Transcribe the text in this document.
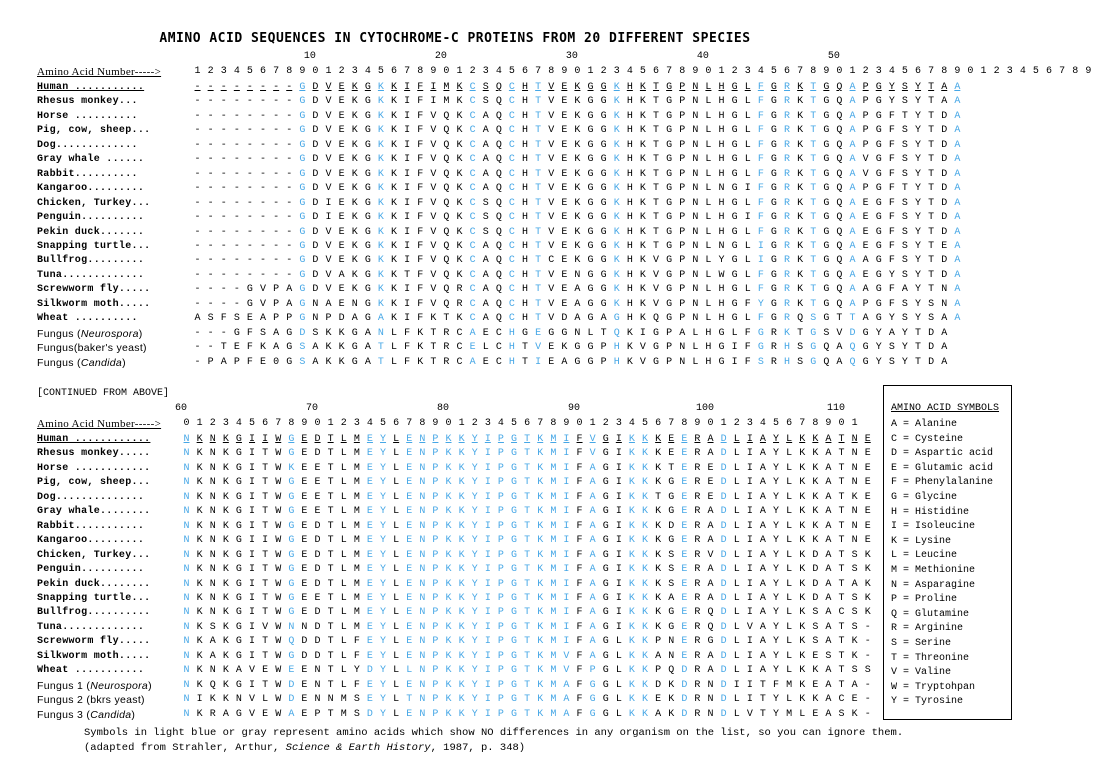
AMINO ACID SEQUENCES IN CYTOCHROME-C PROTEINS FROM 20 DIFFERENT SPECIES
10	20	30	40	50
Amino Acid Number----->	1 2 3 4 5 6 7 8 9 0 1 2 3 4 5 6 7 8 9 0 1 2 3 4 5 6 7 8 9 0 1 2 3 4 5 6 7 8 9 0 1 2 3 4 5 6 7 8 9 0 1 2 3 4 5 6 7 8 9 0 1 2 3 4 5 6 7 8 9
Human ...........	- - - - - - - - G D V E K G K K I F I M K C S Q C H T V E K G G K H K T G P N L H G L F G R K T G Q A P G Y S Y T A A
Rhesus monkey...	- - - - - - - - G D V E K G K K I F I M K C S Q C H T V E K G G K H K T G P N L H G L F G R K T G Q A P G Y S Y T A A
Horse ..........	- - - - - - - - G D V E K G K K I F V Q K C A Q C H T V E K G G K H K T G P N L H G L F G R K T G Q A P G F T Y T D A
Pig, cow, sheep...	- - - - - - - - G D V E K G K K I F V Q K C A Q C H T V E K G G K H K T G P N L H G L F G R K T G Q A P G F S Y T D A
Dog.............	- - - - - - - - G D V E K G K K I F V Q K C A Q C H T V E K G G K H K T G P N L H G L F G R K T G Q A P G F S Y T D A
Gray whale ......	- - - - - - - - G D V E K G K K I F V Q K C A Q C H T V E K G G K H K T G P N L H G L F G R K T G Q A V G F S Y T D A
Rabbit..........	- - - - - - - - G D V E K G K K I F V Q K C A Q C H T V E K G G K H K T G P N L H G L F G R K T G Q A V G F S Y T D A
Kangaroo.........	- - - - - - - - G D V E K G K K I F V Q K C A Q C H T V E K G G K H K T G P N L N G I F G R K T G Q A P G F T Y T D A
Chicken, Turkey...	- - - - - - - - G D I E K G K K I F V Q K C S Q C H T V E K G G K H K T G P N L H G L F G R K T G Q A E G F S Y T D A
Penguin..........	- - - - - - - - G D I E K G K K I F V Q K C S Q C H T V E K G G K H K T G P N L H G I F G R K T G Q A E G F S Y T D A
Pekin duck.......	- - - - - - - - G D V E K G K K I F V Q K C S Q C H T V E K G G K H K T G P N L H G L F G R K T G Q A E G F S Y T D A
Snapping turtle...	- - - - - - - - G D V E K G K K I F V Q K C A Q C H T V E K G G K H K T G P N L N G L I G R K T G Q A E G F S Y T E A
Bullfrog.........	- - - - - - - - G D V E K G K K I F V Q K C A Q C H T C E K G G K H K V G P N L Y G L I G R K T G Q A A G F S Y T D A
Tuna.............	- - - - - - - - G D V A K G K K T F V Q K C A Q C H T V E N G G K H K V G P N L W G L F G R K T G Q A E G Y S Y T D A
Screwworm fly.....	- - - - G V P A G D V E K G K K I F V Q R C A Q C H T V E A G G K H K V G P N L H G L F G R K T G Q A A G F A Y T N A
Silkworm moth.....	- - - - G V P A G N A E N G K K I F V Q R C A Q C H T V E A G G K H K V G P N L H G F Y G R K T G Q A P G F S Y S N A
Wheat ..........	A S F S E A P P G N P D A G A K I F K T K C A Q C H T V D A G A G H K Q G P N L H G L F G R Q S G T T A G Y S Y S A A
Fungus (Neurospora)	- - - G F S A G D S K K G A N L F K T R C A E C H G E G G N L T Q K I G P A L H G L F G R K T G S V D G Y A Y T D A
Fungus(baker's yeast)	- - T E F K A G S A K K G A T L F K T R C E L C H T V E K G G P H K V G P N L H G I F G R H S G Q A Q G Y S Y T D A
Fungus (Candida)	- P A P F E 0 G S A K K G A T L F K T R C A E C H T I E A G G P H K V G P N L H G I F S R H S G Q A Q G Y S Y T D A
[CONTINUED FROM ABOVE]
60	70	80	90	100	110
Amino Acid Number----->	0 1 2 3 4 5 6 7 8 9 0 1 2 3 4 5 6 7 8 9 0 1 2 3 4 5 6 7 8 9 0 1 2 3 4 5 6 7 8 9 0 1 2 3 4 5 6 7 8 9 0 1
Human ............	N K N K G I I W G E D T L M E Y L E N P K K Y I P G T K M I F V G I K K K E E R A D L I A Y L K K A T N E
Rhesus monkey.....	N K N K G I T W G E D T L M E Y L E N P K K Y I P G T K M I F V G I K K K E E R A D L I A Y L K K A T N E
Horse ............	N K N K G I T W K E E T L M E Y L E N P K K Y I P G T K M I F A G I K K K T E R E D L I A Y L K K A T N E
Pig, cow, sheep...	N K N K G I T W G E E T L M E Y L E N P K K Y I P G T K M I F A G I K K K G E R E D L I A Y L K K A T N E
Dog..............	N K N K G I T W G E E T L M E Y L E N P K K Y I P G T K M I F A G I K K T G E R E D L I A Y L K K A T K E
Gray whale........	N K N K G I T W G E E T L M E Y L E N P K K Y I P G T K M I F A G I K K K G E R A D L I A Y L K K A T N E
Rabbit...........	N K N K G I T W G E D T L M E Y L E N P K K Y I P G T K M I F A G I K K K D E R A D L I A Y L K K A T N E
Kangaroo.........	N K N K G I I W G E D T L M E Y L E N P K K Y I P G T K M I F A G I K K K G E R A D L I A Y L K K A T N E
Chicken, Turkey...	N K N K G I T W G E D T L M E Y L E N P K K Y I P G T K M I F A G I K K K S E R V D L I A Y L K D A T S K
Penguin..........	N K N K G I T W G E D T L M E Y L E N P K K Y I P G T K M I F A G I K K K S E R A D L I A Y L K D A T S K
Pekin duck........	N K N K G I T W G E D T L M E Y L E N P K K Y I P G T K M I F A G I K K K S E R A D L I A Y L K D A T A K
Snapping turtle...	N K N K G I T W G E E T L M E Y L E N P K K Y I P G T K M I F A G I K K K A E R A D L I A Y L K D A T S K
Bullfrog..........	N K N K G I T W G E D T L M E Y L E N P K K Y I P G T K M I F A G I K K K G E R Q D L I A Y L K S A C S K
Tuna.............	N K S K G I V W N N D T L M E Y L E N P K K Y I P G T K M I F A G I K K K G E R Q D L V A Y L K S A T S -
Screwworm fly.....	N K A K G I T W Q D D T L F E Y L E N P K K Y I P G T K M I F A G L K K P N E R G D L I A Y L K S A T K -
Silkworm moth.....	N K A K G I T W G D D T L F E Y L E N P K K Y I P G T K M V F A G L K K A N E R A D L I A Y L K E S T K -
Wheat ...........	N K N K A V E W E E N T L Y D Y L L N P K K Y I P G T K M V F P G L K K P Q D R A D L I A Y L K K A T S S
Fungus 1 (Neurospora)	N K Q K G I T W D E N T L F E Y L E N P K K Y I P G T K M A F G G L K K D K D R N D I I T F M K E A T A -
Fungus 2 (bkrs yeast)	N I K K N V L W D E N N M S E Y L T N P K K Y I P G T K M A F G G L K K E K D R N D L I T Y L K K A C E -
Fungus 3 (Candida)	N K R A G V E W A E P T M S D Y L E N P K K Y I P G T K M A F G G L K K A K D R N D L V T Y M L E A S K -
AMINO ACID SYMBOLS
A = Alanine
C = Cysteine
D = Aspartic acid
E = Glutamic acid
F = Phenylalanine
G = Glycine
H = Histidine
I = Isoleucine
K = Lysine
L = Leucine
M = Methionine
N = Asparagine
P = Proline
Q = Glutamine
R = Arginine
S = Serine
T = Threonine
V = Valine
W = Tryptohpan
Y = Tyrosine
Symbols in light blue or gray represent amino acids which show NO differences in any organism on the list, so you can ignore them.
(adapted from Strahler, Arthur, Science & Earth History, 1987, p. 348)
